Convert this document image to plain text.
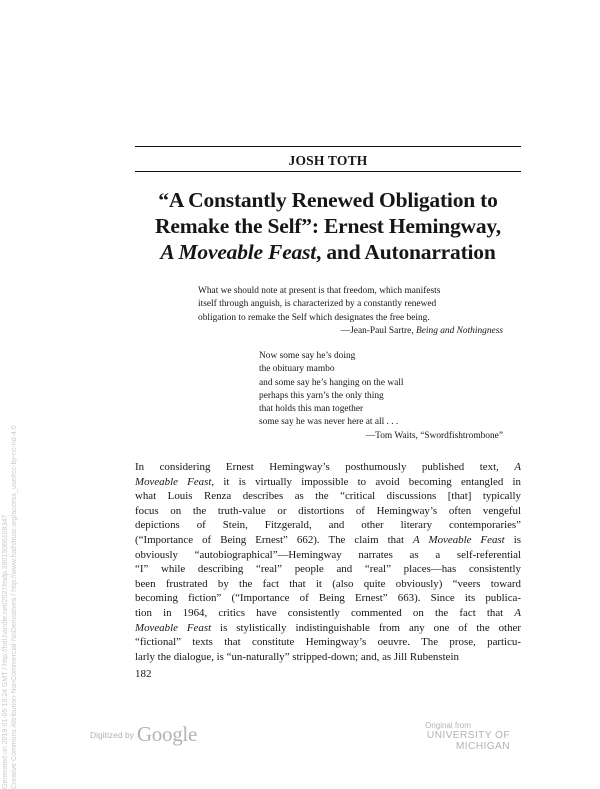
JOSH TOTH
“A Constantly Renewed Obligation to
Remake the Self”: Ernest Hemingway,
A Moveable Feast, and Autonarration
What we should note at present is that freedom, which manifests
itself through anguish, is characterized by a constantly renewed
obligation to remake the Self which designates the free being.
—Jean-Paul Sartre, Being and Nothingness
Now some say he’s doing
the obituary mambo
and some say he’s hanging on the wall
perhaps this yarn’s the only thing
that holds this man together
some say he was never here at all . . .
—Tom Waits, “Swordfishtrombone”

In considering Ernest Hemingway’s posthumously published text, A

Moveable Feast, it is virtually impossible to avoid becoming entangled in

what Louis Renza describes as the “critical discussions [that] typically

focus on the truth-value or distortions of Hemingway’s often vengeful

depictions of Stein, Fitzgerald, and other literary contemporaries”

(“Importance of Being Ernest” 662). The claim that A Moveable Feast is

obviously “autobiographical”—Hemingway narrates as a self-referential

“I” while describing “real” people and “real” places—has consistently

been frustrated by the fact that it (also quite obviously) “veers toward

becoming fiction” (“Importance of Being Ernest” 663). Since its publica-

tion in 1964, critics have consistently commented on the fact that A

Moveable Feast is stylistically indistinguishable from any one of the other

“fictional” texts that constitute Hemingway’s oeuvre. The prose, particu-

larly the dialogue, is “un-naturally” stripped-down; and, as Jill Rubenstein

182
Digitized by Google	Original from
UNIVERSITY OF MICHIGAN
Generated on 2019-01-05 19:24 GMT / http://hdl.handle.net/2027/mdp.39015066109347 Creative Commons Attribution-NonCommercial-NoDerivatives / http://www.hathitrust.org/access_use#cc-by-nc-nd-4.0
